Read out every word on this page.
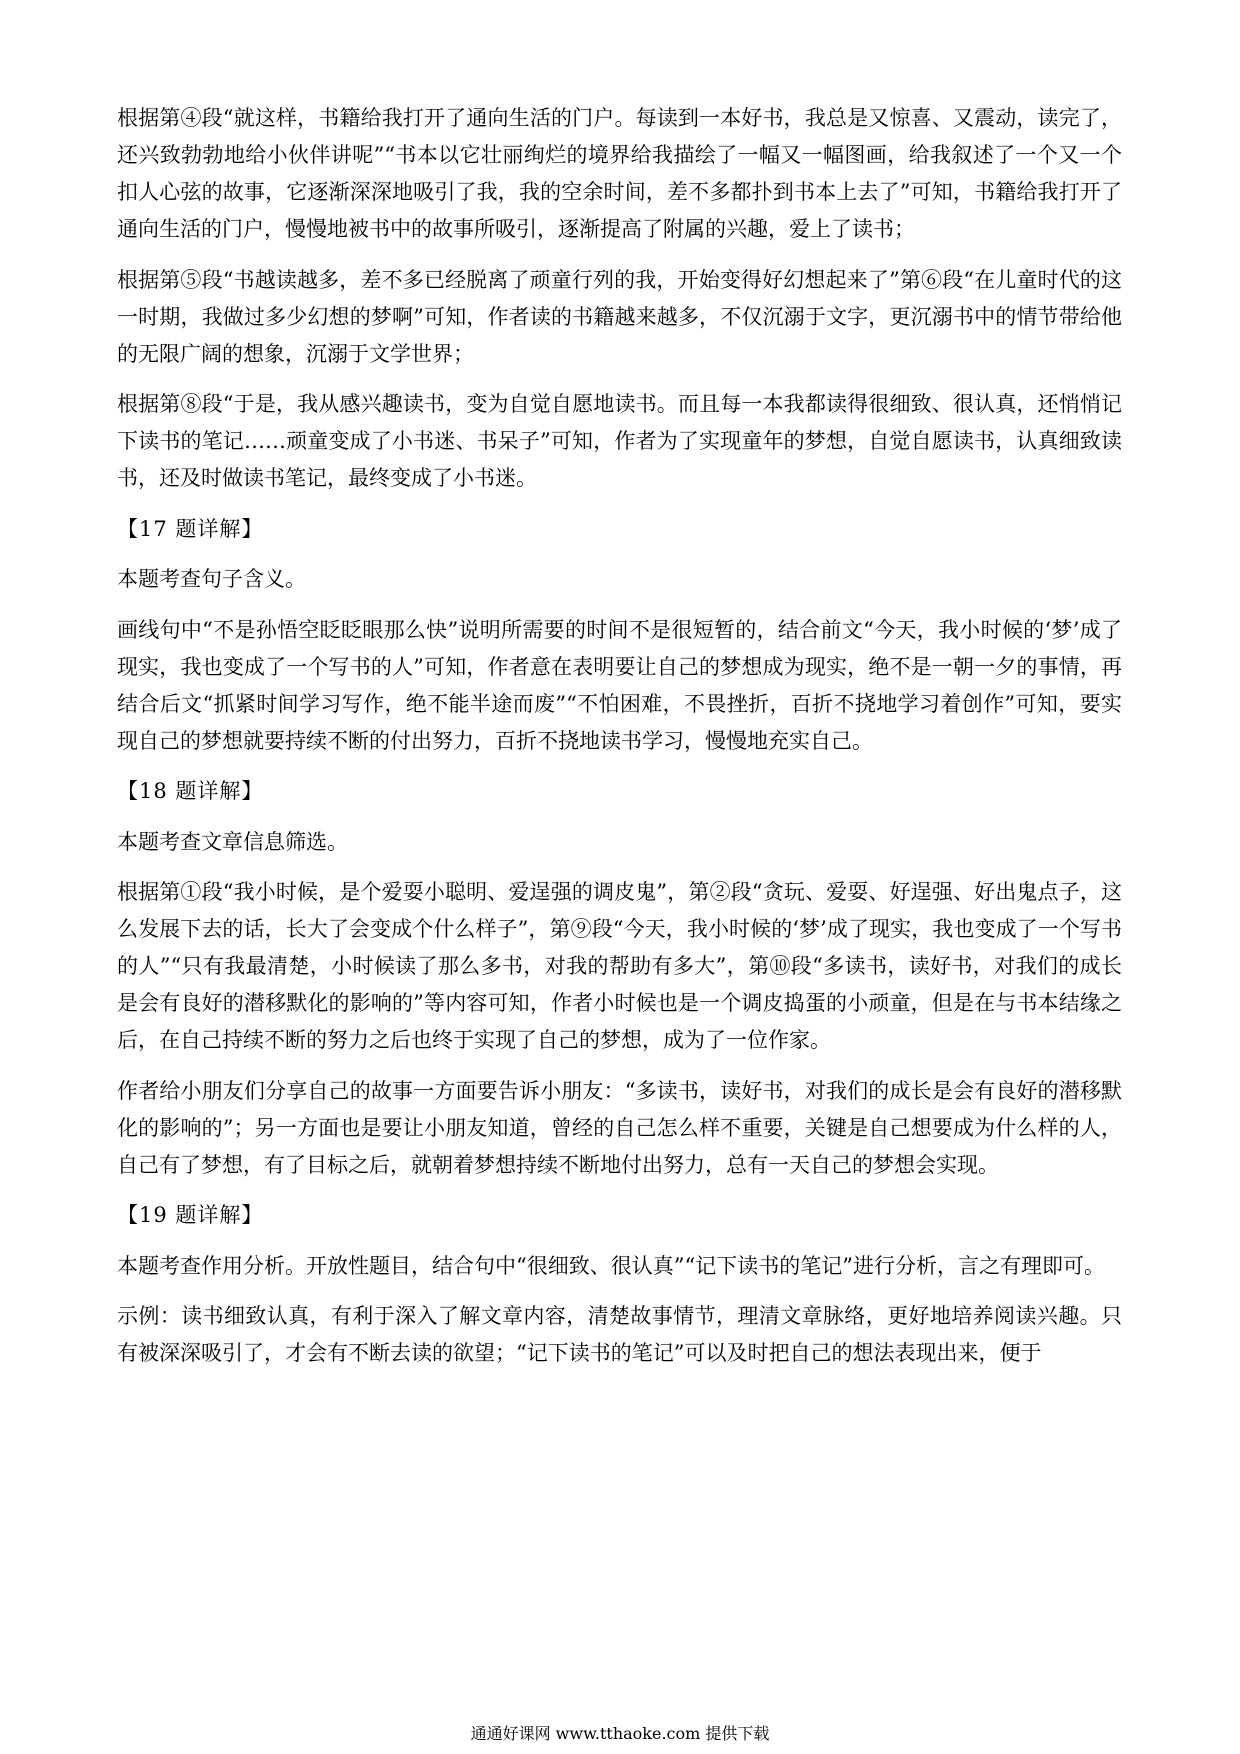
根据第④段“就这样，书籍给我打开了通向生活的门户。每读到一本好书，我总是又惊喜、又震动，读完了，还兴致勃勃地给小伙伴讲呢”“书本以它壮丽绚烂的境界给我描绘了一幅又一幅图画，给我叙述了一个又一个扣人心弦的故事，它逐渐深深地吸引了我，我的空余时间，差不多都扑到书本上去了”可知，书籍给我打开了通向生活的门户，慢慢地被书中的故事所吸引，逐渐提高了附属的兴趣，爱上了读书；

根据第⑤段“书越读越多，差不多已经脱离了顽童行列的我，开始变得好幻想起来了”第⑥段“在儿童时代的这一时期，我做过多少幻想的梦啊”可知，作者读的书籍越来越多，不仅沉溺于文字，更沉溺书中的情节带给他的无限广阔的想象，沉溺于文学世界；

根据第⑧段“于是，我从感兴趣读书，变为自觉自愿地读书。而且每一本我都读得很细致、很认真，还悄悄记下读书的笔记……顽童变成了小书迷、书呆子”可知，作者为了实现童年的梦想，自觉自愿读书，认真细致读书，还及时做读书笔记，最终变成了小书迷。

【17 题详解】

本题考查句子含义。

画线句中“不是孙悟空眨眨眼那么快”说明所需要的时间不是很短暂的，结合前文“今天，我小时候的‘梦’成了现实，我也变成了一个写书的人”可知，作者意在表明要让自己的梦想成为现实，绝不是一朝一夕的事情，再结合后文“抓紧时间学习写作，绝不能半途而废”“不怕困难，不畏挫折，百折不挠地学习着创作”可知，要实现自己的梦想就要持续不断的付出努力，百折不挠地读书学习，慢慢地充实自己。

【18 题详解】

本题考查文章信息筛选。

根据第①段“我小时候，是个爱耍小聪明、爱逞强的调皮鬼”，第②段“贪玩、爱耍、好逞强、好出鬼点子，这么发展下去的话，长大了会变成个什么样子”，第⑨段“今天，我小时候的‘梦’成了现实，我也变成了一个写书的人”“只有我最清楚，小时候读了那么多书，对我的帮助有多大”，第⑩段“多读书，读好书，对我们的成长是会有良好的潜移默化的影响的”等内容可知，作者小时候也是一个调皮捣蛋的小顽童，但是在与书本结缘之后，在自己持续不断的努力之后也终于实现了自己的梦想，成为了一位作家。

作者给小朋友们分享自己的故事一方面要告诉小朋友：“多读书，读好书，对我们的成长是会有良好的潜移默化的影响的”；另一方面也是要让小朋友知道，曾经的自己怎么样不重要，关键是自己想要成为什么样的人，自己有了梦想，有了目标之后，就朝着梦想持续不断地付出努力，总有一天自己的梦想会实现。

【19 题详解】

本题考查作用分析。开放性题目，结合句中“很细致、很认真”“记下读书的笔记”进行分析，言之有理即可。

示例：读书细致认真，有利于深入了解文章内容，清楚故事情节，理清文章脉络，更好地培养阅读兴趣。只有被深深吸引了，才会有不断去读的欲望；“记下读书的笔记”可以及时把自己的想法表现出来，便于

通通好课网 www.tthaoke.com 提供下载
